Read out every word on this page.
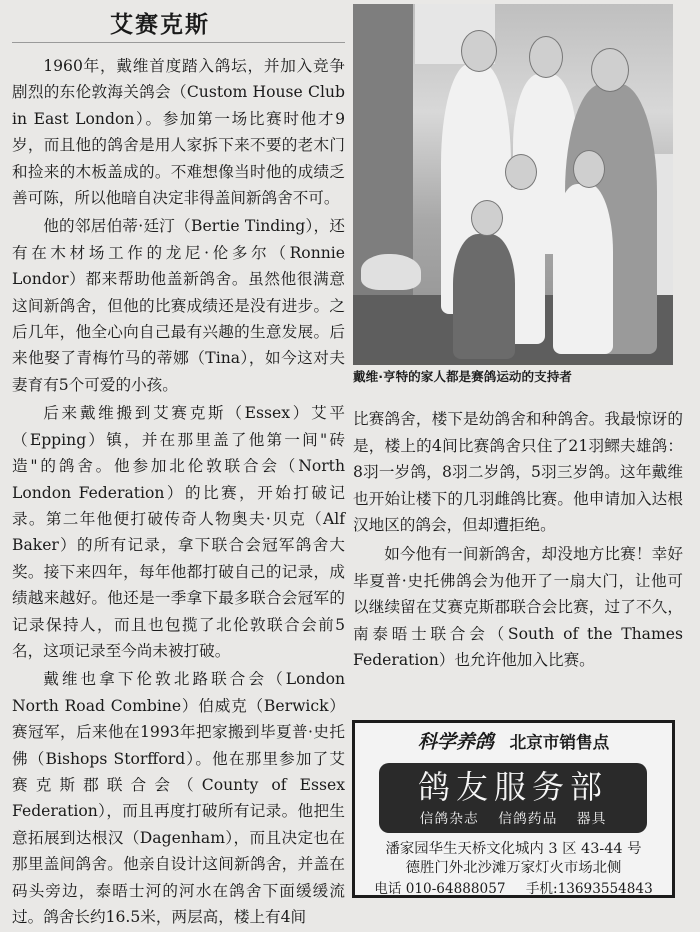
艾赛克斯

1960年，戴维首度踏入鸽坛，并加入竞争剧烈的东伦敦海关鸽会（Custom House Club in East London）。参加第一场比赛时他才9岁，而且他的鸽舍是用人家拆下来不要的老木门和捡来的木板盖成的。不难想像当时他的成绩乏善可陈，所以他暗自决定非得盖间新鸽舍不可。

他的邻居伯蒂·廷汀（Bertie Tinding），还有在木材场工作的龙尼·伦多尔（Ronnie Londor）都来帮助他盖新鸽舍。虽然他很满意这间新鸽舍，但他的比赛成绩还是没有进步。之后几年，他全心向自己最有兴趣的生意发展。后来他娶了青梅竹马的蒂娜（Tina），如今这对夫妻育有5个可爱的小孩。

后来戴维搬到艾赛克斯（Essex）艾平（Epping）镇，并在那里盖了他第一间"砖造"的鸽舍。他参加北伦敦联合会（North London Federation）的比赛，开始打破记录。第二年他便打破传奇人物奥夫·贝克（Alf Baker）的所有记录，拿下联合会冠军鸽舍大奖。接下来四年，每年他都打破自己的记录，成绩越来越好。他还是一季拿下最多联合会冠军的记录保持人，而且也包揽了北伦敦联合会前5名，这项记录至今尚未被打破。

戴维也拿下伦敦北路联合会（London North Road Combine）伯威克（Berwick）赛冠军，后来他在1993年把家搬到毕夏普·史托佛（Bishops Storfford）。他在那里参加了艾赛克斯郡联合会（County of Essex Federation），而且再度打破所有记录。他把生意拓展到达根汉（Dagenham），而且决定也在那里盖间鸽舍。他亲自设计这间新鸽舍，并盖在码头旁边，泰晤士河的河水在鸽舍下面缓缓流过。鸽舍长约16.5米，两层高，楼上有4间

戴维·亨特的家人都是赛鸽运动的支持者

比赛鸽舍，楼下是幼鸽舍和种鸽舍。我最惊讶的是，楼上的4间比赛鸽舍只住了21羽鳏夫雄鸽：8羽一岁鸽，8羽二岁鸽，5羽三岁鸽。这年戴维也开始让楼下的几羽雌鸽比赛。他申请加入达根汉地区的鸽会，但却遭拒绝。

如今他有一间新鸽舍，却没地方比赛！幸好毕夏普·史托佛鸽会为他开了一扇大门，让他可以继续留在艾赛克斯郡联合会比赛，过了不久，南泰晤士联合会（South of the Thames Federation）也允许他加入比赛。

科学养鸽 北京市销售点
鸽友服务部
信鸽杂志 信鸽药品 器具
潘家园华生天桥文化城内 3 区 43-44 号
德胜门外北沙滩万家灯火市场北侧
电话 010-64888057 手机:13693554843
